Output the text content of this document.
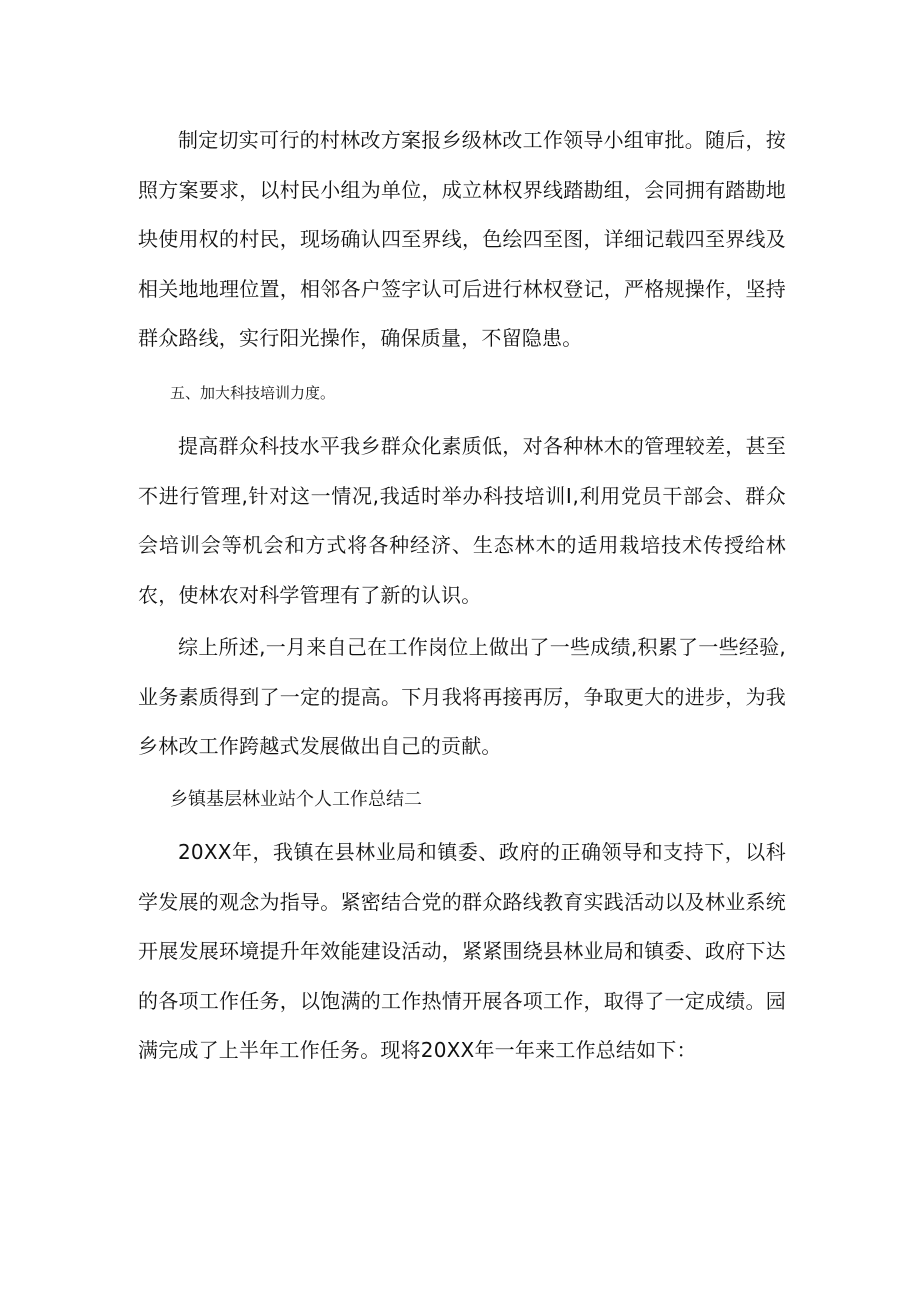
制定切实可行的村林改方案报乡级林改工作领导小组审批。随后，按照方案要求，以村民小组为单位，成立林权界线踏勘组，会同拥有踏勘地块使用权的村民，现场确认四至界线，色绘四至图，详细记载四至界线及相关地地理位置，相邻各户签字认可后进行林权登记，严格规操作，坚持群众路线，实行阳光操作，确保质量，不留隐患。

五、加大科技培训力度。

提高群众科技水平我乡群众化素质低，对各种林木的管理较差，甚至不进行管理,针对这一情况,我适时举办科技培训Ⅰ,利用党员干部会、群众会培训会等机会和方式将各种经济、生态林木的适用栽培技术传授给林农，使林农对科学管理有了新的认识。

综上所述,一月来自己在工作岗位上做出了一些成绩,积累了一些经验,业务素质得到了一定的提高。下月我将再接再厉，争取更大的进步，为我乡林改工作跨越式发展做出自己的贡献。

乡镇基层林业站个人工作总结二

20XX年，我镇在县林业局和镇委、政府的正确领导和支持下，以科学发展的观念为指导。紧密结合党的群众路线教育实践活动以及林业系统开展发展环境提升年效能建设活动，紧紧围绕县林业局和镇委、政府下达的各项工作任务，以饱满的工作热情开展各项工作，取得了一定成绩。园满完成了上半年工作任务。现将20XX年一年来工作总结如下：
